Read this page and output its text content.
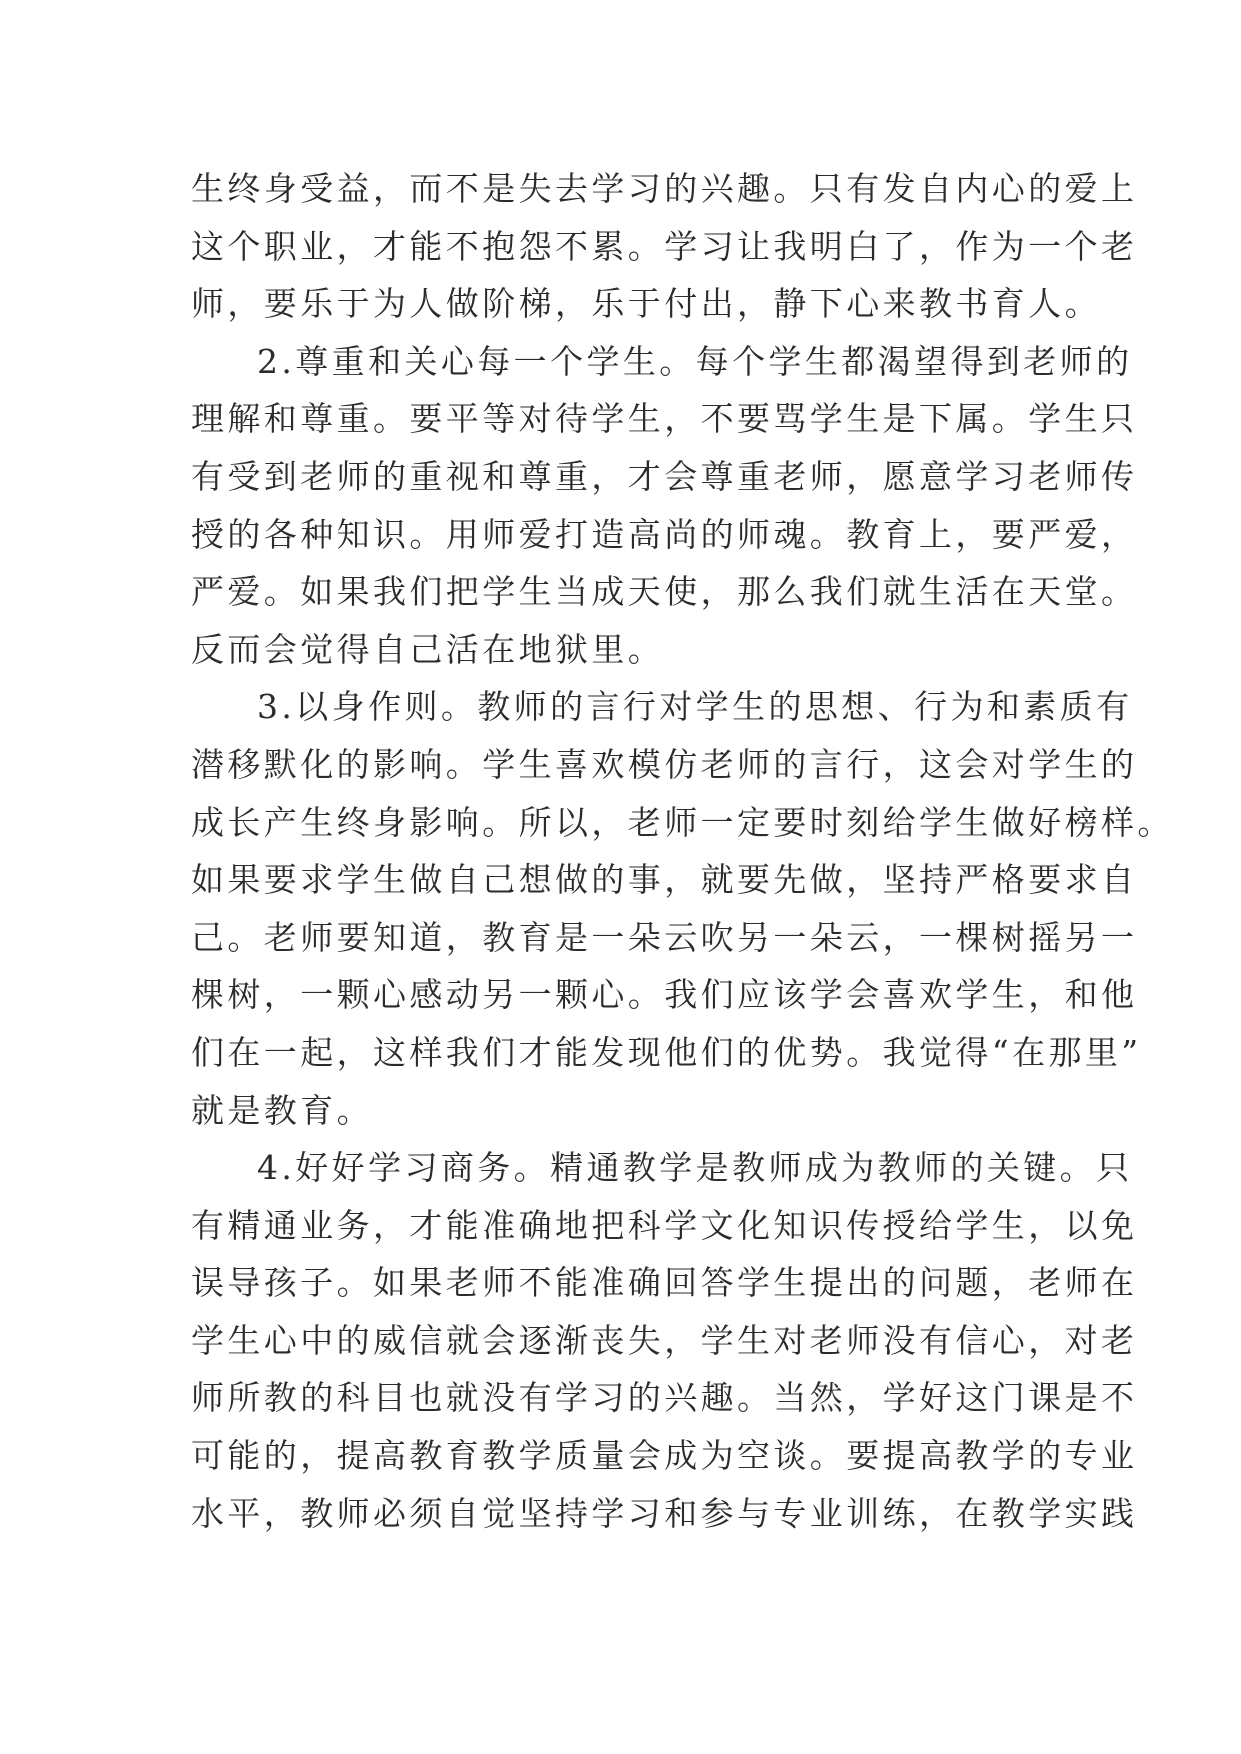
生终身受益，而不是失去学习的兴趣。只有发自内心的爱上
这个职业，才能不抱怨不累。学习让我明白了，作为一个老
师，要乐于为人做阶梯，乐于付出，静下心来教书育人。
2.尊重和关心每一个学生。每个学生都渴望得到老师的
理解和尊重。要平等对待学生，不要骂学生是下属。学生只
有受到老师的重视和尊重，才会尊重老师，愿意学习老师传
授的各种知识。用师爱打造高尚的师魂。教育上，要严爱，
严爱。如果我们把学生当成天使，那么我们就生活在天堂。
反而会觉得自己活在地狱里。
3.以身作则。教师的言行对学生的思想、行为和素质有
潜移默化的影响。学生喜欢模仿老师的言行，这会对学生的
成长产生终身影响。所以，老师一定要时刻给学生做好榜样。
如果要求学生做自己想做的事，就要先做，坚持严格要求自
己。老师要知道，教育是一朵云吹另一朵云，一棵树摇另一
棵树，一颗心感动另一颗心。我们应该学会喜欢学生，和他
们在一起，这样我们才能发现他们的优势。我觉得“在那里”
就是教育。
4.好好学习商务。精通教学是教师成为教师的关键。只
有精通业务，才能准确地把科学文化知识传授给学生，以免
误导孩子。如果老师不能准确回答学生提出的问题，老师在
学生心中的威信就会逐渐丧失，学生对老师没有信心，对老
师所教的科目也就没有学习的兴趣。当然，学好这门课是不
可能的，提高教育教学质量会成为空谈。要提高教学的专业
水平，教师必须自觉坚持学习和参与专业训练，在教学实践
